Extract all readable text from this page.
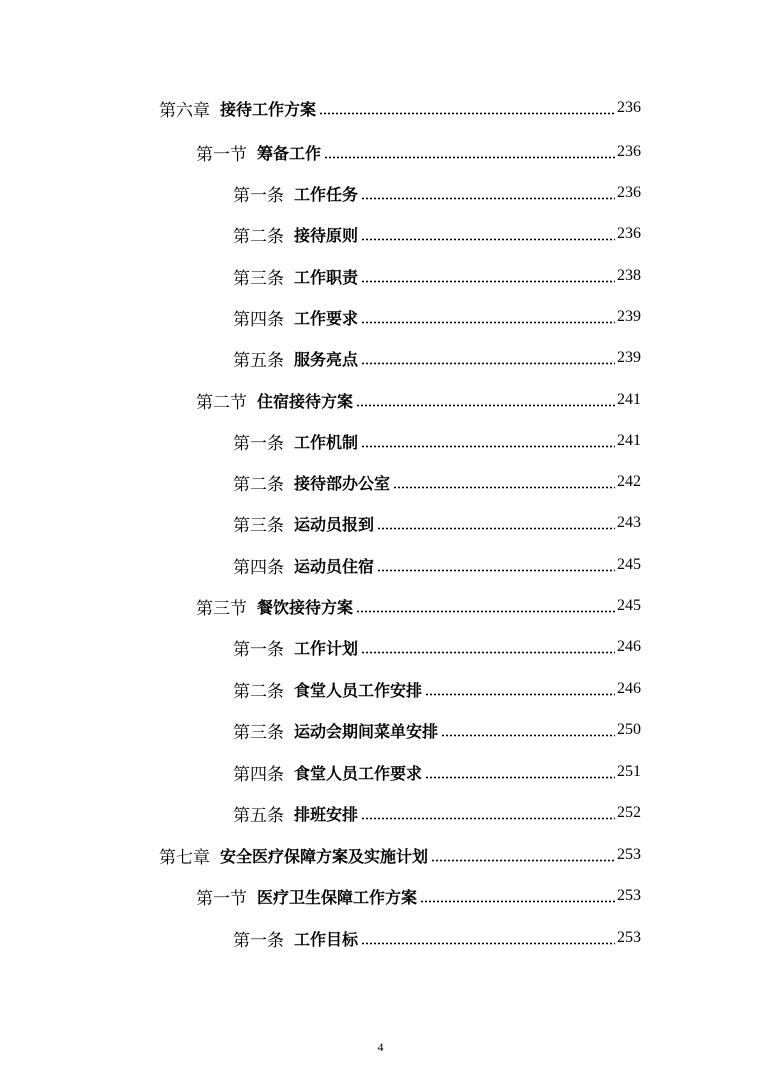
第六章 接待工作方案	236
第一节 筹备工作	236
第一条 工作任务	236
第二条 接待原则	236
第三条 工作职责	238
第四条 工作要求	239
第五条 服务亮点	239
第二节 住宿接待方案	241
第一条 工作机制	241
第二条 接待部办公室	242
第三条 运动员报到	243
第四条 运动员住宿	245
第三节 餐饮接待方案	245
第一条 工作计划	246
第二条 食堂人员工作安排	246
第三条 运动会期间菜单安排	250
第四条 食堂人员工作要求	251
第五条 排班安排	252
第七章 安全医疗保障方案及实施计划	253
第一节 医疗卫生保障工作方案	253
第一条 工作目标	253
4
